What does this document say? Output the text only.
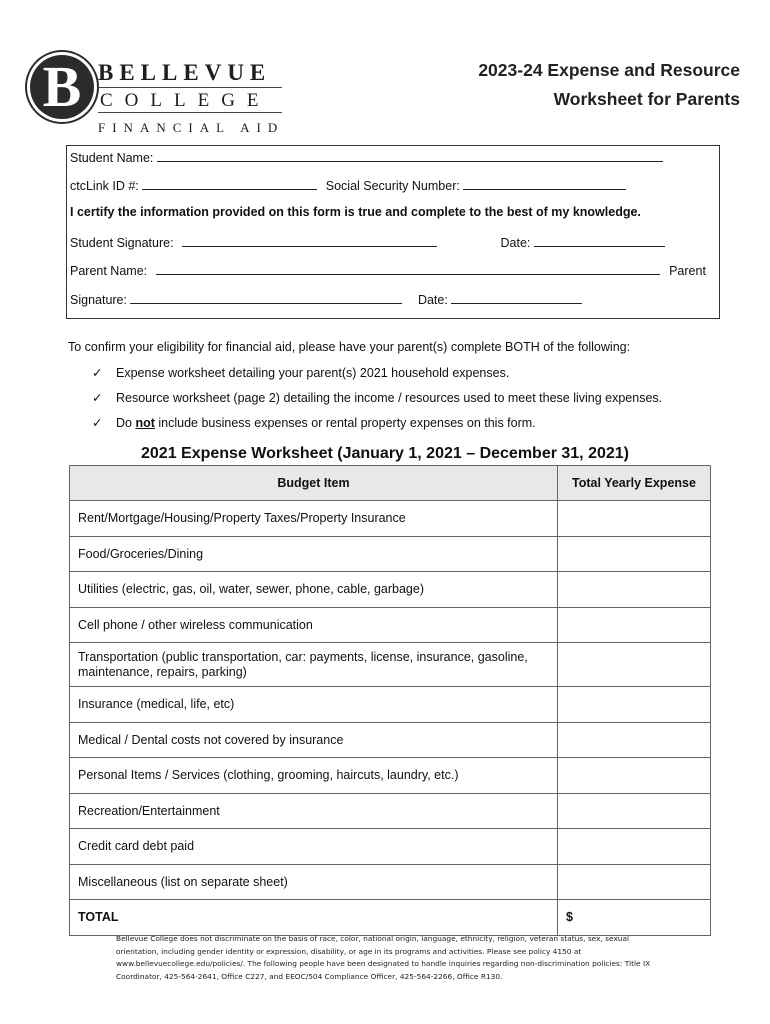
B BELLEVUE
COLLEGE
FINANCIAL AID
2023-24 Expense and Resource
Worksheet for Parents
Student Name:
ctcLink ID #:	Social Security Number:
I certify the information provided on this form is true and complete to the best of my knowledge.
Student Signature:	Date:
Parent Name:	Parent
Signature:	Date:
To confirm your eligibility for financial aid, please have your parent(s) complete BOTH of the following:
✓ Expense worksheet detailing your parent(s) 2021 household expenses.
✓ Resource worksheet (page 2) detailing the income / resources used to meet these living expenses.
✓ Do not include business expenses or rental property expenses on this form.
2021 Expense Worksheet (January 1, 2021 – December 31, 2021)
Budget Item	Total Yearly Expense
Rent/Mortgage/Housing/Property Taxes/Property Insurance	
Food/Groceries/Dining	
Utilities (electric, gas, oil, water, sewer, phone, cable, garbage)	
Cell phone / other wireless communication	
Transportation (public transportation, car: payments, license, insurance, gasoline, maintenance, repairs, parking)	
Insurance (medical, life, etc)	
Medical / Dental costs not covered by insurance	
Personal Items / Services (clothing, grooming, haircuts, laundry, etc.)	
Recreation/Entertainment	
Credit card debt paid	
Miscellaneous (list on separate sheet)	
TOTAL	$
Bellevue College does not discriminate on the basis of race, color, national origin, language, ethnicity, religion, veteran status, sex, sexual orientation, including gender identity or expression, disability, or age in its programs and activities. Please see policy 4150 at www.bellevuecollege.edu/policies/. The following people have been designated to handle inquiries regarding non-discrimination policies: Title IX Coordinator, 425-564-2641, Office C227, and EEOC/504 Compliance Officer, 425-564-2266, Office R130.
